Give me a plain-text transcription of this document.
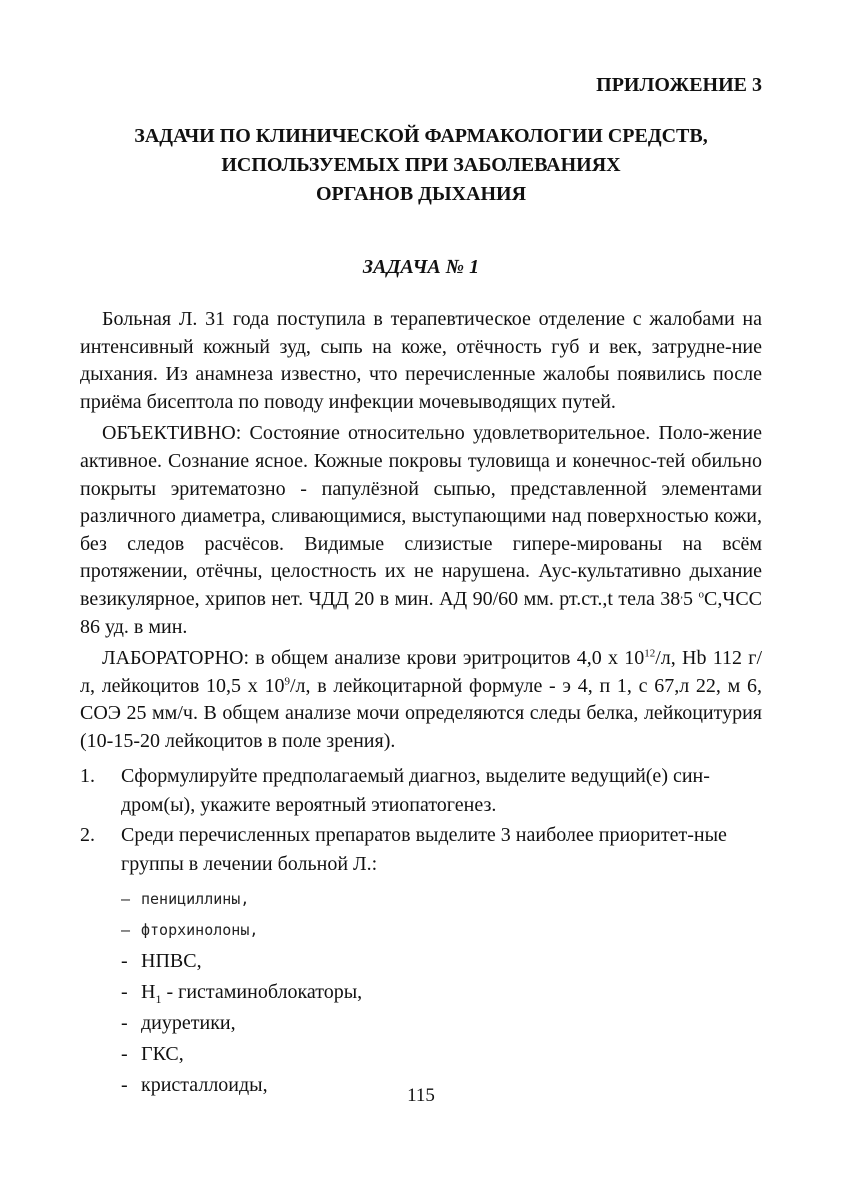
ПРИЛОЖЕНИЕ 3
ЗАДАЧИ ПО КЛИНИЧЕСКОЙ ФАРМАКОЛОГИИ СРЕДСТВ,
ИСПОЛЬЗУЕМЫХ ПРИ ЗАБОЛЕВАНИЯХ
ОРГАНОВ ДЫХАНИЯ
ЗАДАЧА № 1

Больная Л. 31 года поступила в терапевтическое отделение с жалобами на интенсивный кожный зуд, сыпь на коже, отёчность губ и век, затрудне-ние дыхания. Из анамнеза известно, что перечисленные жалобы появились после приёма бисептола по поводу инфекции мочевыводящих путей.

ОБЪЕКТИВНО: Состояние относительно удовлетворительное. Поло-жение активное. Сознание ясное. Кожные покровы туловища и конечнос-тей обильно покрыты эритематозно - папулёзной сыпью, представленной элементами различного диаметра, сливающимися, выступающими над поверхностью кожи, без следов расчёсов. Видимые слизистые гипере-мированы на всём протяжении, отёчны, целостность их не нарушена. Аус-культативно дыхание везикулярное, хрипов нет. ЧДД 20 в мин. АД 90/60 мм. рт.ст.,t тела 38,5 $^о$С,ЧСС 86 уд. в мин.

ЛАБОРАТОРНО: в общем анализе крови эритроцитов 4,0 х $10^{12}/л$, Hb 112 г/л, лейкоцитов 10,5 х $10^9/л$, в лейкоцитарной формуле - э 4, п 1, с 67,л 22, м 6, СОЭ 25 мм/ч. В общем анализе мочи определяются следы белка, лейкоцитурия (10-15-20 лейкоцитов в поле зрения).

1. Сформулируйте предполагаемый диагноз, выделите ведущий(е) син-дром(ы), укажите вероятный этиопатогенез.
2. Среди перечисленных препаратов выделите 3 наиболее приоритет-ные группы в лечении больной Л.:
– пенициллины,
– фторхинолоны,
- НПВС,
- $Н_1$ - гистаминоблокаторы,
- диуретики,
- ГКС,
- кристаллоиды,	115
